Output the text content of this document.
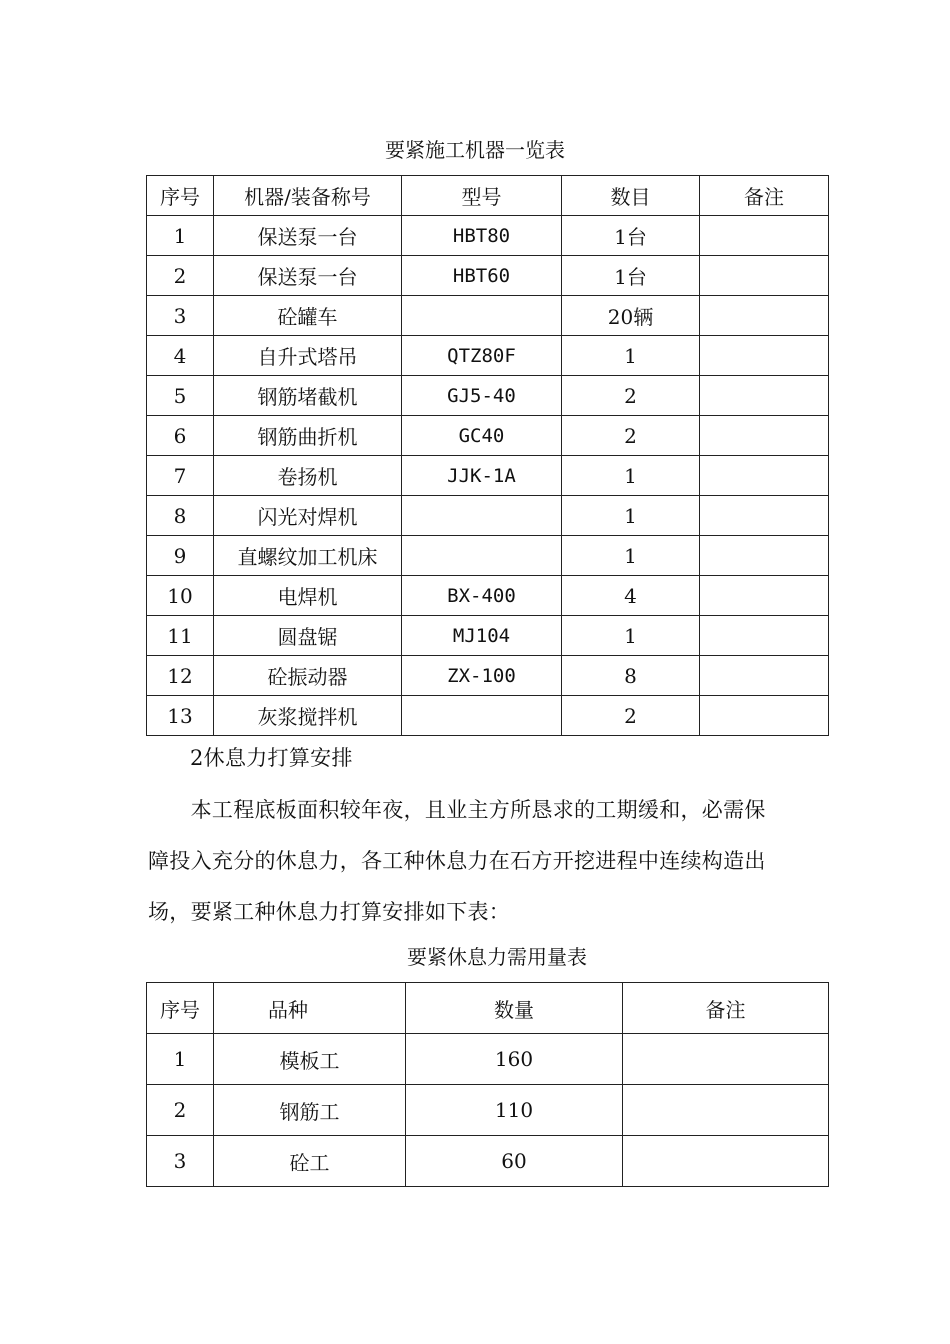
要紧施工机器一览表
序号	机器/装备称号	型号	数目	备注
1	保送泵一台	HBT80	1台	
2	保送泵一台	HBT60	1台	
3	砼罐车		20辆	
4	自升式塔吊	QTZ80F	1	
5	钢筋堵截机	GJ5-40	2	
6	钢筋曲折机	GC40	2	
7	卷扬机	JJK-1A	1	
8	闪光对焊机		1	
9	直螺纹加工机床		1	
10	电焊机	BX-400	4	
11	圆盘锯	MJ104	1	
12	砼振动器	ZX-100	8	
13	灰浆搅拌机		2	
2休息力打算安排
　　本工程底板面积较年夜，且业主方所恳求的工期缓和，必需保
障投入充分的休息力，各工种休息力在石方开挖进程中连续构造出
场，要紧工种休息力打算安排如下表：
要紧休息力需用量表
序号	品种	数量	备注
1	模板工	160	
2	钢筋工	110	
3	砼工	60	
